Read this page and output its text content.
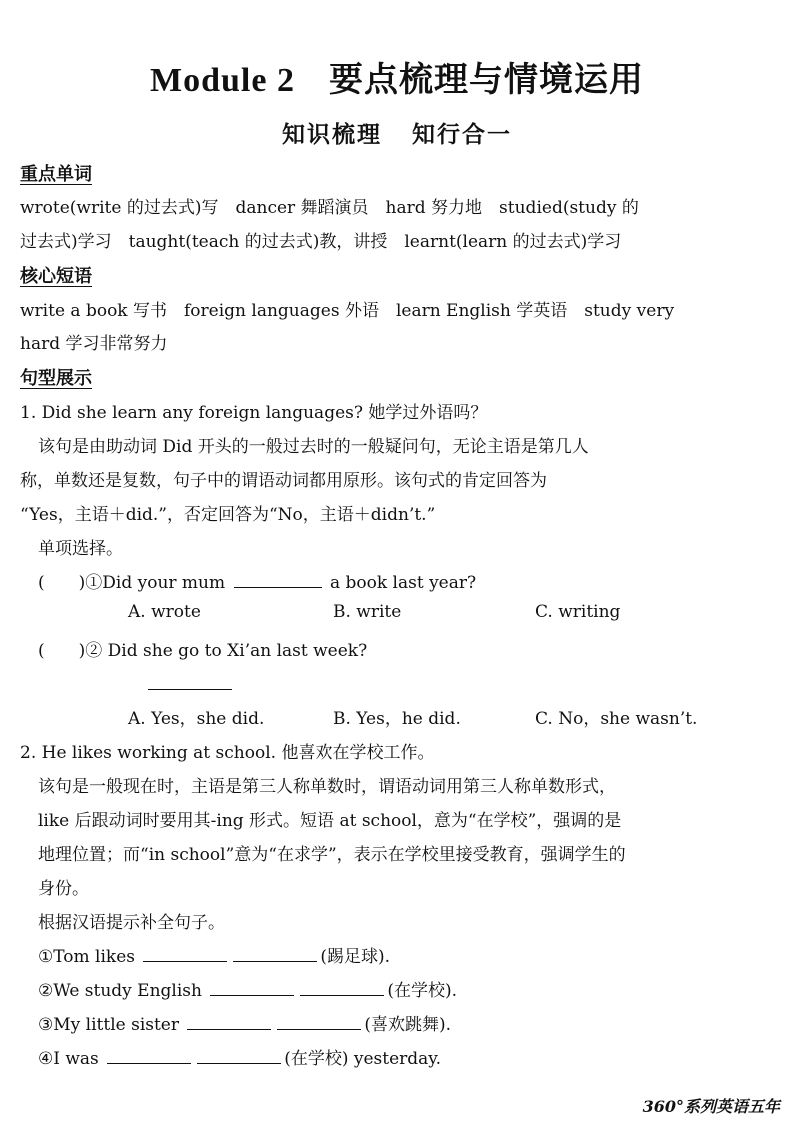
Module 2 要点梳理与情境运用
知识梳理 知行合一
重点单词
wrote(write 的过去式)写　dancer 舞蹈演员　hard 努力地　studied(study 的
过去式)学习　taught(teach 的过去式)教，讲授　learnt(learn 的过去式)学习
核心短语
write a book 写书　foreign languages 外语　learn English 学英语　study very
hard 学习非常努力
句型展示
1. Did she learn any foreign languages? 她学过外语吗？
该句是由助动词 Did 开头的一般过去时的一般疑问句，无论主语是第几人
称，单数还是复数，句子中的谓语动词都用原形。该句式的肯定回答为
“Yes，主语＋did.”，否定回答为“No，主语＋didn’t.”
单项选择。
(　　)①Did your mum	a book last year?
A. wrote	B. write	C. writing
(　　)② Did she go to Xi’an last week?
A. Yes，she did.	B. Yes，he did.	C. No，she wasn’t.
2. He likes working at school. 他喜欢在学校工作。
该句是一般现在时，主语是第三人称单数时，谓语动词用第三人称单数形式，
like 后跟动词时要用其-ing 形式。短语 at school，意为“在学校”，强调的是
地理位置；而“in school”意为“在求学”，表示在学校里接受教育，强调学生的
身份。
根据汉语提示补全句子。
①Tom likes	(踢足球).
②We study English	(在学校).
③My little sister	(喜欢跳舞).
④I was	(在学校) yesterday.
360°系列英语五年
